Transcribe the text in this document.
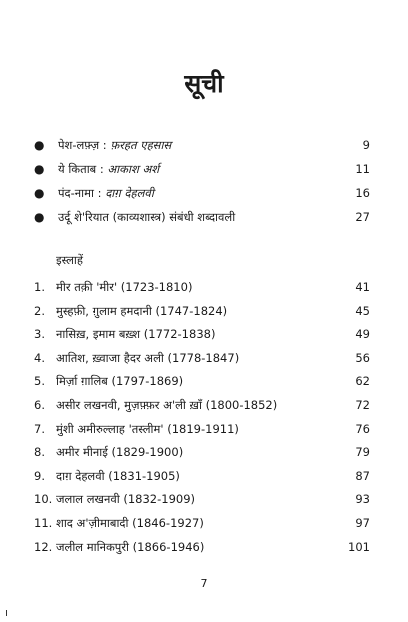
सूची
●	पेश-लफ़्ज़ : फ़रहत एहसास	9
●	ये किताब : आकाश अर्श	11
●	पंद-नामा : दाग़ देहलवी	16
●	उर्दू शे'रियात (काव्यशास्त्र) संबंधी शब्दावली	27
इस्लाहें
1. मीर तक़ी 'मीर' (1723-1810)	41
2. मुस्हफ़ी, ग़ुलाम हमदानी (1747-1824)	45
3. नासिख़, इमाम बख़्श (1772-1838)	49
4. आतिश, ख़्वाजा हैदर अली (1778-1847)	56
5. मिर्ज़ा ग़ालिब (1797-1869)	62
6. असीर लखनवी, मुज़फ़्फ़र अ'ली ख़ाँ (1800-1852)	72
7. मुंशी अमीरुल्लाह 'तस्लीम' (1819-1911)	76
8. अमीर मीनाई (1829-1900)	79
9. दाग़ देहलवी (1831-1905)	87
10. जलाल लखनवी (1832-1909)	93
11. शाद अ'ज़ीमाबादी (1846-1927)	97
12. जलील मानिकपुरी (1866-1946)	101
7
